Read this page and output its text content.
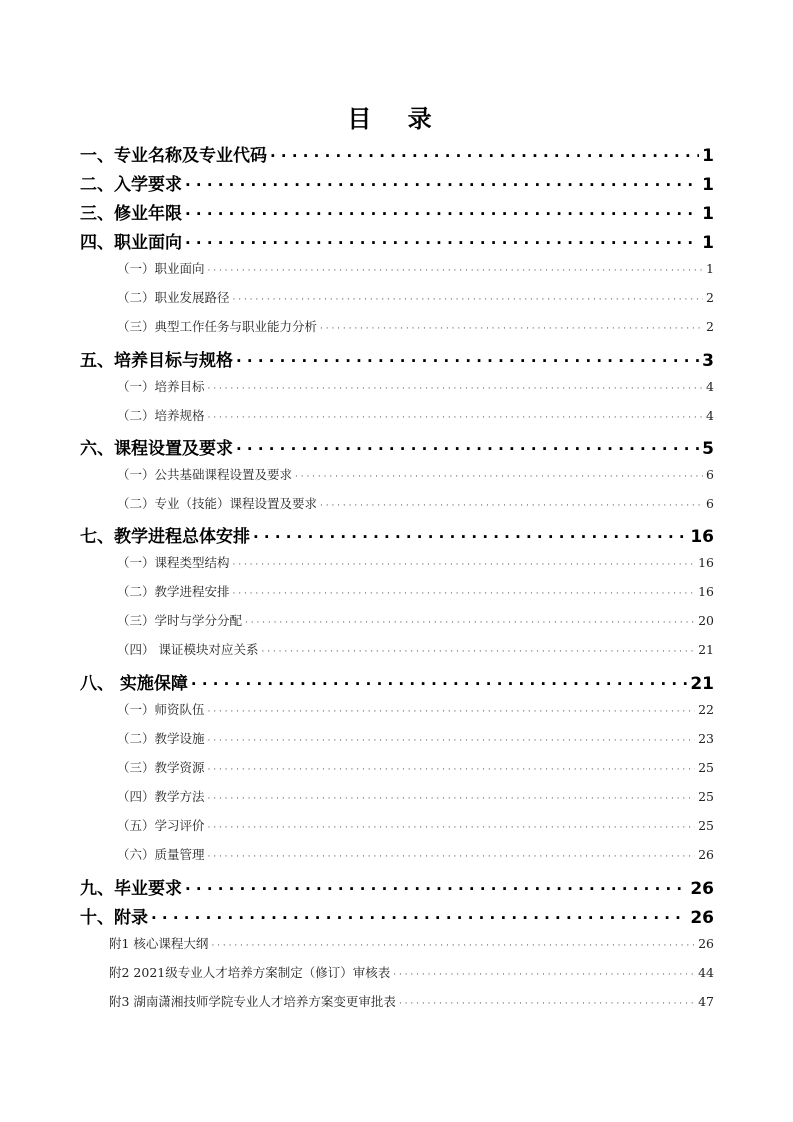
目 录
一、专业名称及专业代码 · · ·	1
二、入学要求 · · ·	1
三、修业年限 · · ·	1
四、职业面向 · · ·	1
（一）职业面向 · · ·	1
（二）职业发展路径 · · ·	2
（三）典型工作任务与职业能力分析 · · ·	2
五、培养目标与规格 · · ·	3
（一）培养目标 · · ·	4
（二）培养规格 · · ·	4
六、课程设置及要求 · · ·	5
（一）公共基础课程设置及要求 · · ·	6
（二）专业（技能）课程设置及要求 · · ·	6
七、教学进程总体安排 · · ·	16
（一）课程类型结构 · · ·	16
（二）教学进程安排 · · ·	16
（三）学时与学分分配 · · ·	20
（四） 课证模块对应关系 · · ·	21
八、 实施保障 · · ·	21
（一）师资队伍 · · ·	22
（二）教学设施 · · ·	23
（三）教学资源 · · ·	25
（四）教学方法 · · ·	25
（五）学习评价 · · ·	25
（六）质量管理 · · ·	26
九、毕业要求 · · ·	26
十、附录 · · ·	26
附1 核心课程大纲 · · ·	26
附2 2021级专业人才培养方案制定（修订）审核表 · · ·	44
附3 湖南潇湘技师学院专业人才培养方案变更审批表 · · ·	47
